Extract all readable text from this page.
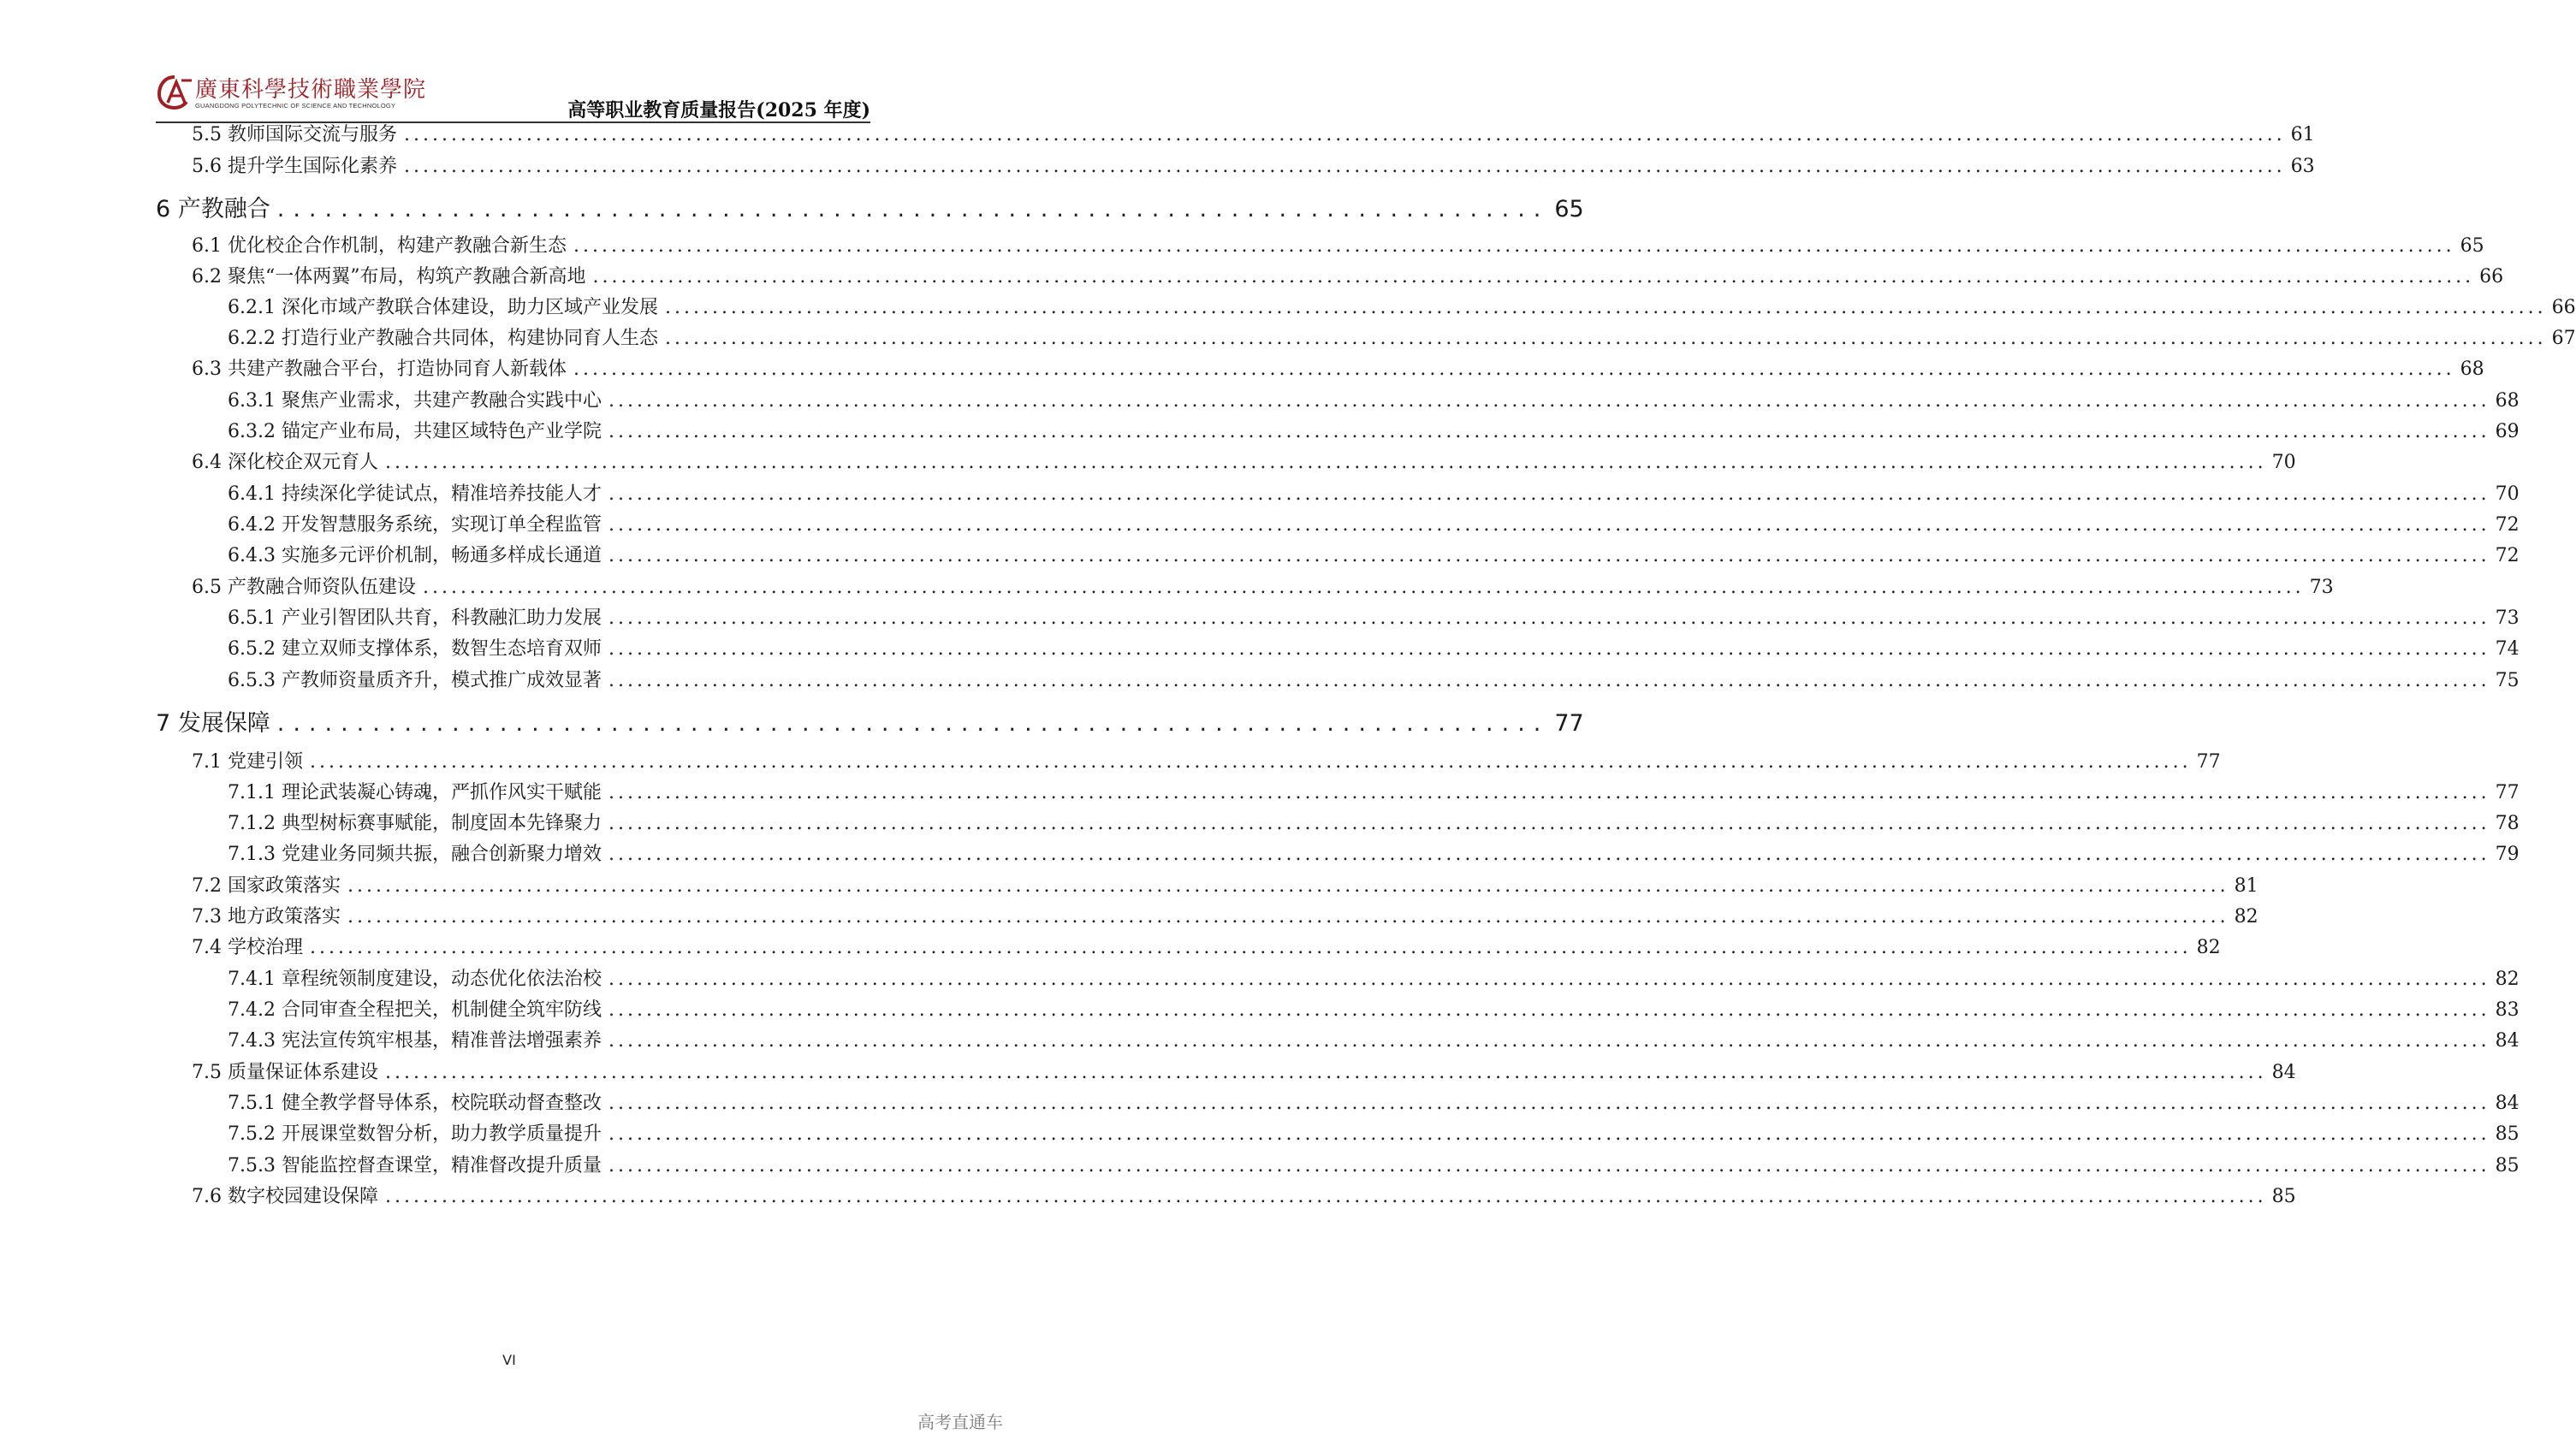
廣東科學技術職業學院
GUANGDONG POLYTECHNIC OF SCIENCE AND TECHNOLOGY	高等职业教育质量报告(2025 年度)
5.5 教师国际交流与服务 ........................................................................................................................................................................................................ 61
5.6 提升学生国际化素养 ........................................................................................................................................................................................................ 63
6 产教融合 ................................................................................ 65
6.1 优化校企合作机制，构建产教融合新生态 ........................................................................................................................................................................................................ 65
6.2 聚焦“一体两翼”布局，构筑产教融合新高地 ........................................................................................................................................................................................................ 66
6.2.1 深化市域产教联合体建设，助力区域产业发展 ........................................................................................................................................................................................................ 66
6.2.2 打造行业产教融合共同体，构建协同育人生态 ........................................................................................................................................................................................................ 67
6.3 共建产教融合平台，打造协同育人新载体 ........................................................................................................................................................................................................ 68
6.3.1 聚焦产业需求，共建产教融合实践中心 ........................................................................................................................................................................................................ 68
6.3.2 锚定产业布局，共建区域特色产业学院 ........................................................................................................................................................................................................ 69
6.4 深化校企双元育人 ........................................................................................................................................................................................................ 70
6.4.1 持续深化学徒试点，精准培养技能人才 ........................................................................................................................................................................................................ 70
6.4.2 开发智慧服务系统，实现订单全程监管 ........................................................................................................................................................................................................ 72
6.4.3 实施多元评价机制，畅通多样成长通道 ........................................................................................................................................................................................................ 72
6.5 产教融合师资队伍建设 ........................................................................................................................................................................................................ 73
6.5.1 产业引智团队共育，科教融汇助力发展 ........................................................................................................................................................................................................ 73
6.5.2 建立双师支撑体系，数智生态培育双师 ........................................................................................................................................................................................................ 74
6.5.3 产教师资量质齐升，模式推广成效显著 ........................................................................................................................................................................................................ 75
7 发展保障 ................................................................................ 77
7.1 党建引领 ........................................................................................................................................................................................................ 77
7.1.1 理论武装凝心铸魂，严抓作风实干赋能 ........................................................................................................................................................................................................ 77
7.1.2 典型树标赛事赋能，制度固本先锋聚力 ........................................................................................................................................................................................................ 78
7.1.3 党建业务同频共振，融合创新聚力增效 ........................................................................................................................................................................................................ 79
7.2 国家政策落实 ........................................................................................................................................................................................................ 81
7.3 地方政策落实 ........................................................................................................................................................................................................ 82
7.4 学校治理 ........................................................................................................................................................................................................ 82
7.4.1 章程统领制度建设，动态优化依法治校 ........................................................................................................................................................................................................ 82
7.4.2 合同审查全程把关，机制健全筑牢防线 ........................................................................................................................................................................................................ 83
7.4.3 宪法宣传筑牢根基，精准普法增强素养 ........................................................................................................................................................................................................ 84
7.5 质量保证体系建设 ........................................................................................................................................................................................................ 84
7.5.1 健全教学督导体系，校院联动督查整改 ........................................................................................................................................................................................................ 84
7.5.2 开展课堂数智分析，助力教学质量提升 ........................................................................................................................................................................................................ 85
7.5.3 智能监控督查课堂，精准督改提升质量 ........................................................................................................................................................................................................ 85
7.6 数字校园建设保障 ........................................................................................................................................................................................................ 85
VI
高考直通车
